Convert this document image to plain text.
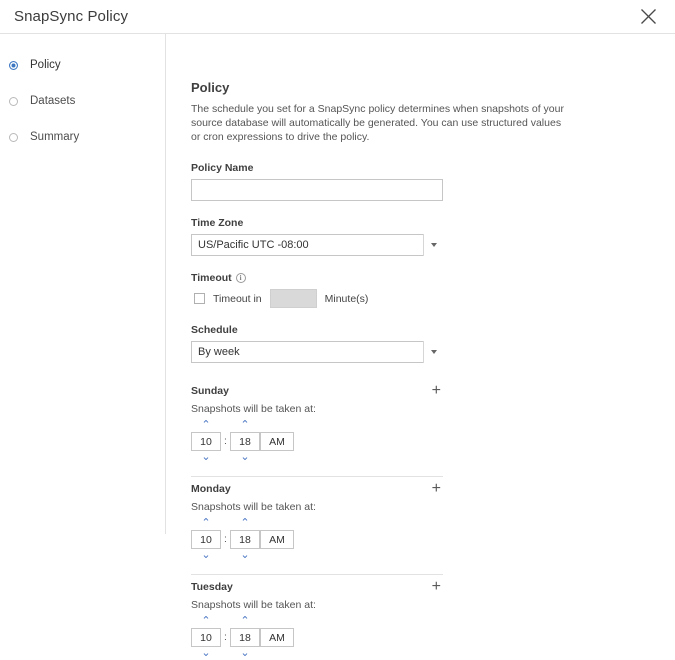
SnapSync Policy
Policy
Datasets
Summary
Policy
The schedule you set for a SnapSync policy determines when snapshots of your source database will automatically be generated. You can use structured values or cron expressions to drive the policy.
Policy Name
Time Zone
US/Pacific UTC -08:00
Timeout	i
Timeout in	Minute(s)
Schedule
By week
Sunday	+
Snapshots will be taken at:
⌃
10
⌄
:
⌃
18
⌄
AM
Monday	+
Snapshots will be taken at:
⌃
10
⌄
:
⌃
18
⌄
AM
Tuesday	+
Snapshots will be taken at:
⌃
10
⌄
:
⌃
18
⌄
AM
